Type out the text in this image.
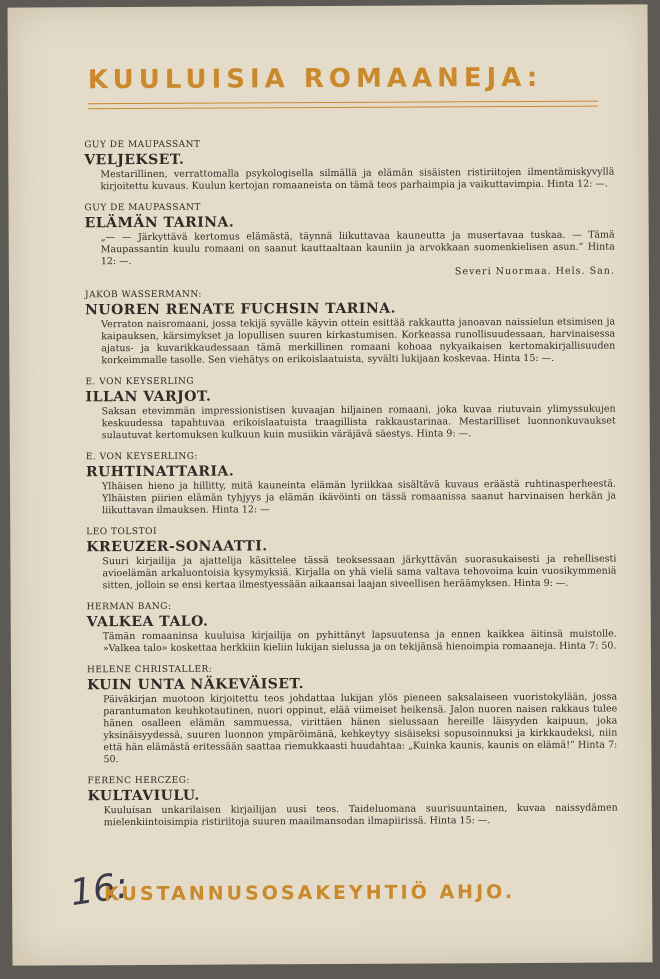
KUULUISIA ROMAANEJA:
GUY DE MAUPASSANT
VELJEKSET.
Mestarillinen, verrattomalla psykologisella silmällä ja elämän sisäisten ristiriitojen ilmentämiskyvyllä kirjoitettu kuvaus. Kuulun kertojan romaaneista on tämä teos parhaimpia ja vaikuttavimpia. Hinta 12: —.
GUY DE MAUPASSANT
ELÄMÄN TARINA.
„— — Järkyttävä kertomus elämästä, täynnä liikuttavaa kauneutta ja musertavaa tuskaa. — Tämä Maupassantin kuulu romaani on saanut kauttaaltaan kauniin ja arvokkaan suomenkielisen asun.” Hinta 12: —.
Severi Nuormaa. Hels. San.
JAKOB WASSERMANN:
NUOREN RENATE FUCHSIN TARINA.
Verraton naisromaani, jossa tekijä syvälle käyvin ottein esittää rakkautta janoavan naissielun etsimisen ja kaipauksen, kärsimykset ja lopullisen suuren kirkastumisen. Korkeassa runollisuudessaan, harvinaisessa ajatus- ja kuvarikkaudessaan tämä merkillinen romaani kohoaa nykyaikaisen kertomakirjallisuuden korkeimmalle tasolle. Sen viehätys on erikoislaatuista, syvälti lukijaan koskevaa. Hinta 15: —.
E. VON KEYSERLING
ILLAN VARJOT.
Saksan etevimmän impressionistisen kuvaajan hiljainen romaani, joka kuvaa riutuvain ylimyssukujen keskuudessa tapahtuvaa erikoislaatuista traagillista rakkaustarinaa. Mestarilliset luonnonkuvaukset sulautuvat kertomuksen kulkuun kuin musiikin väräjävä säestys. Hinta 9: —.
E. VON KEYSERLING:
RUHTINATTARIA.
Ylhäisen hieno ja hillitty, mitä kauneinta elämän lyriikkaa sisältävä kuvaus eräästä ruhtinasperheestä. Ylhäisten piirien elämän tyhjyys ja elämän ikävöinti on tässä romaanissa saanut harvinaisen herkän ja liikuttavan ilmauksen. Hinta 12: —
LEO TOLSTOI
KREUZER-SONAATTI.
Suuri kirjailija ja ajattelija käsittelee tässä teoksessaan järkyttävän suorasukaisesti ja rehellisesti avioelämän arkaluontoisia kysymyksiä. Kirjalla on yhä vielä sama valtava tehovoima kuin vuosikymmeniä sitten, jolloin se ensi kertaa ilmestyessään aikaansai laajan siveellisen heräämyksen. Hinta 9: —.
HERMAN BANG:
VALKEA TALO.
Tämän romaaninsa kuuluisa kirjailija on pyhittänyt lapsuutensa ja ennen kaikkea äitinsä muistolle. »Valkea talo» koskettaa herkkiin kieliin lukijan sielussa ja on tekijänsä hienoimpia romaaneja. Hinta 7: 50.
HELENE CHRISTALLER:
KUIN UNTA NÄKEVÄISET.
Päiväkirjan muotoon kirjoitettu teos johdattaa lukijan ylös pieneen saksalaiseen vuoristokylään, jossa parantumaton keuhkotautinen, nuori oppinut, elää viimeiset heikensä. Jalon nuoren naisen rakkaus tulee hänen osalleen elämän sammuessa, virittäen hänen sielussaan hereille läisyyden kaipuun, joka yksinäisyydessä, suuren luonnon ympäröimänä, kehkeytyy sisäiseksi sopusoinnuksi ja kirkkaudeksi, niin että hän elämästä eritessään saattaa riemukkaasti huudahtaa: „Kuinka kaunis, kaunis on elämä!” Hinta 7: 50.
FERENC HERCZEG:
KULTAVIULU.
Kuuluisan unkarilaisen kirjailijan uusi teos. Taideluomana suurisuuntainen, kuvaa naissydämen mielenkiintoisimpia ristiriitoja suuren maailmansodan ilmapiirissä. Hinta 15: —.
16:
KUSTANNUSOSAKEYHTIÖ AHJO.
